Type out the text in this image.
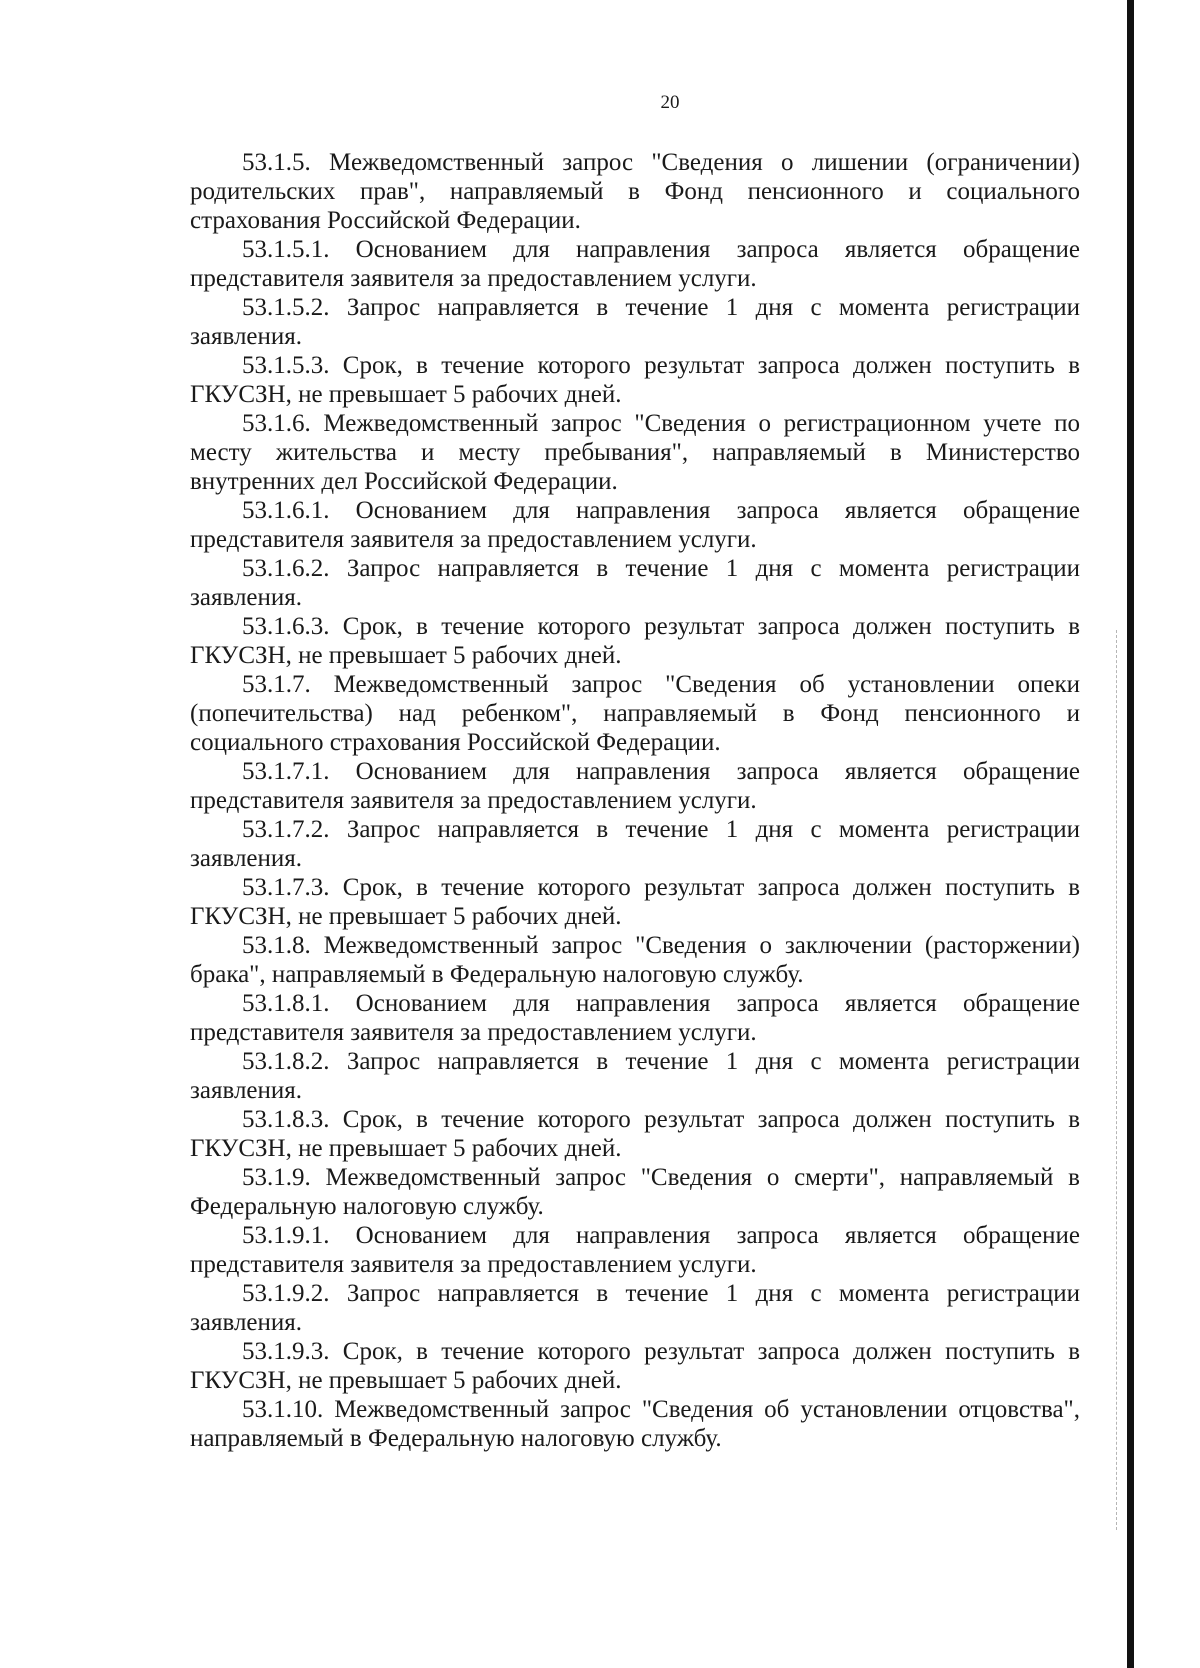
20

53.1.5. Межведомственный запрос "Сведения о лишении (ограничении) родительских прав", направляемый в Фонд пенсионного и социального страхования Российской Федерации.

53.1.5.1. Основанием для направления запроса является обращение представителя заявителя за предоставлением услуги.

53.1.5.2. Запрос направляется в течение 1 дня с момента регистрации заявления.

53.1.5.3. Срок, в течение которого результат запроса должен поступить в ГКУСЗН, не превышает 5 рабочих дней.

53.1.6. Межведомственный запрос "Сведения о регистрационном учете по месту жительства и месту пребывания", направляемый в Министерство внутренних дел Российской Федерации.

53.1.6.1. Основанием для направления запроса является обращение представителя заявителя за предоставлением услуги.

53.1.6.2. Запрос направляется в течение 1 дня с момента регистрации заявления.

53.1.6.3. Срок, в течение которого результат запроса должен поступить в ГКУСЗН, не превышает 5 рабочих дней.

53.1.7. Межведомственный запрос "Сведения об установлении опеки (попечительства) над ребенком", направляемый в Фонд пенсионного и социального страхования Российской Федерации.

53.1.7.1. Основанием для направления запроса является обращение представителя заявителя за предоставлением услуги.

53.1.7.2. Запрос направляется в течение 1 дня с момента регистрации заявления.

53.1.7.3. Срок, в течение которого результат запроса должен поступить в ГКУСЗН, не превышает 5 рабочих дней.

53.1.8. Межведомственный запрос "Сведения о заключении (расторжении) брака", направляемый в Федеральную налоговую службу.

53.1.8.1. Основанием для направления запроса является обращение представителя заявителя за предоставлением услуги.

53.1.8.2. Запрос направляется в течение 1 дня с момента регистрации заявления.

53.1.8.3. Срок, в течение которого результат запроса должен поступить в ГКУСЗН, не превышает 5 рабочих дней.

53.1.9. Межведомственный запрос "Сведения о смерти", направляемый в Федеральную налоговую службу.

53.1.9.1. Основанием для направления запроса является обращение представителя заявителя за предоставлением услуги.

53.1.9.2. Запрос направляется в течение 1 дня с момента регистрации заявления.

53.1.9.3. Срок, в течение которого результат запроса должен поступить в ГКУСЗН, не превышает 5 рабочих дней.

53.1.10. Межведомственный запрос "Сведения об установлении отцовства", направляемый в Федеральную налоговую службу.
